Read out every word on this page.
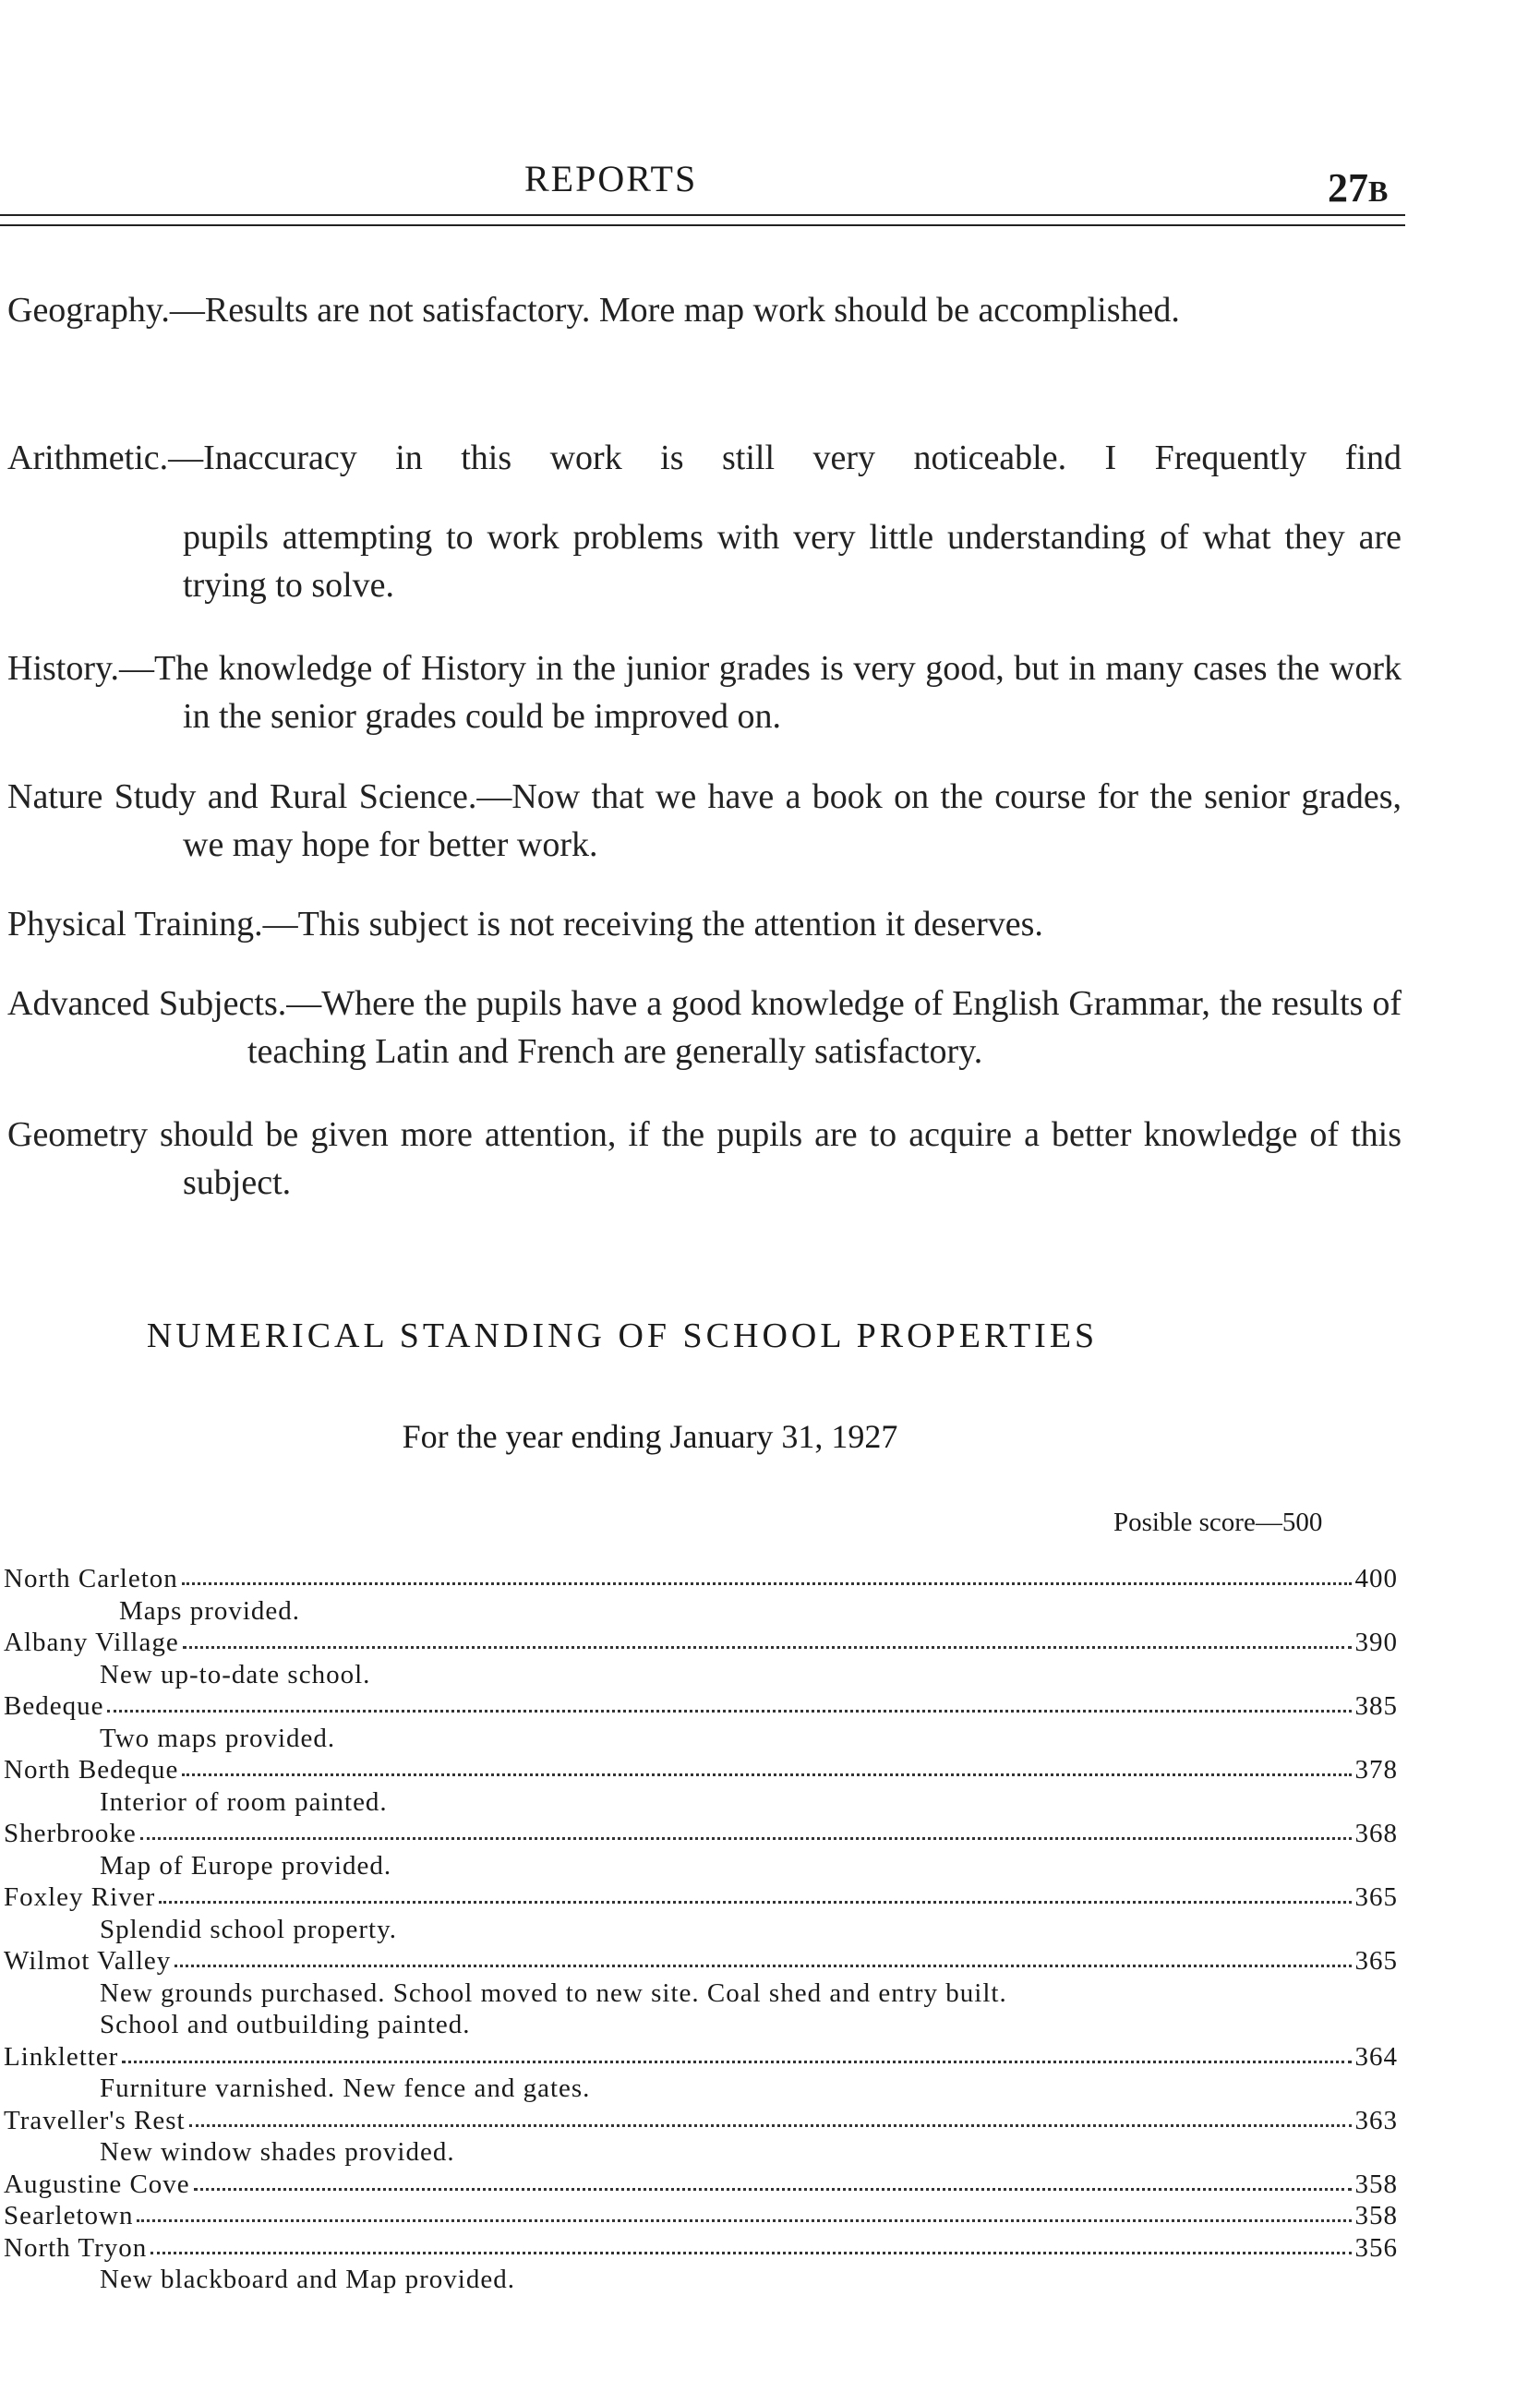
REPORTS	27B
Geography.—Results are not satisfactory. More map work should be accomplished.
Arithmetic.—Inaccuracy in this work is still very noticeable. I Frequently find
pupils attempting to work problems with very little understanding of what they are trying to solve.
History.—The knowledge of History in the junior grades is very good, but in many cases the work in the senior grades could be improved on.
Nature Study and Rural Science.—Now that we have a book on the course for the senior grades, we may hope for better work.
Physical Training.—This subject is not receiving the attention it deserves.
Advanced Subjects.—Where the pupils have a good knowledge of English Grammar, the results of teaching Latin and French are generally satisfactory.
Geometry should be given more attention, if the pupils are to acquire a better knowledge of this subject.
NUMERICAL STANDING OF SCHOOL PROPERTIES
For the year ending January 31, 1927
Posible score—500
North Carleton	400
Maps provided.
Albany Village	390
New up-to-date school.
Bedeque	385
Two maps provided.
North Bedeque	378
Interior of room painted.
Sherbrooke	368
Map of Europe provided.
Foxley River	365
Splendid school property.
Wilmot Valley	365
New grounds purchased. School moved to new site. Coal shed and entry built.
School and outbuilding painted.
Linkletter	364
Furniture varnished. New fence and gates.
Traveller's Rest	363
New window shades provided.
Augustine Cove	358
Searletown	358
North Tryon	356
New blackboard and Map provided.
